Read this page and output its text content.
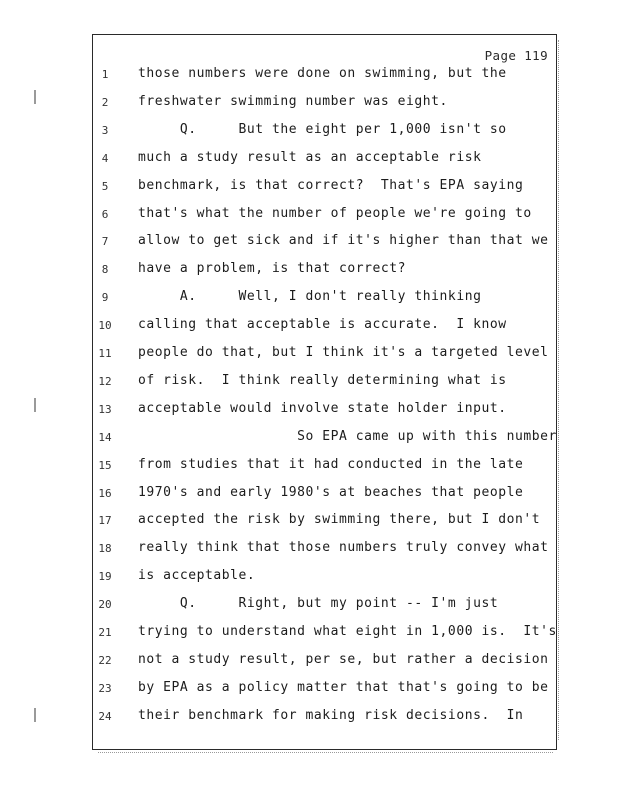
Page 119
1	those numbers were done on swimming, but the
2	freshwater swimming number was eight.
3	Q.     But the eight per 1,000 isn't so
4	much a study result as an acceptable risk
5	benchmark, is that correct?  That's EPA saying
6	that's what the number of people we're going to
7	allow to get sick and if it's higher than that we
8	have a problem, is that correct?
9	A.     Well, I don't really thinking
10	calling that acceptable is accurate.  I know
11	people do that, but I think it's a targeted level
12	of risk.  I think really determining what is
13	acceptable would involve state holder input.
14	So EPA came up with this number
15	from studies that it had conducted in the late
16	1970's and early 1980's at beaches that people
17	accepted the risk by swimming there, but I don't
18	really think that those numbers truly convey what
19	is acceptable.
20	Q.     Right, but my point -- I'm just
21	trying to understand what eight in 1,000 is.  It's
22	not a study result, per se, but rather a decision
23	by EPA as a policy matter that that's going to be
24	their benchmark for making risk decisions.  In
